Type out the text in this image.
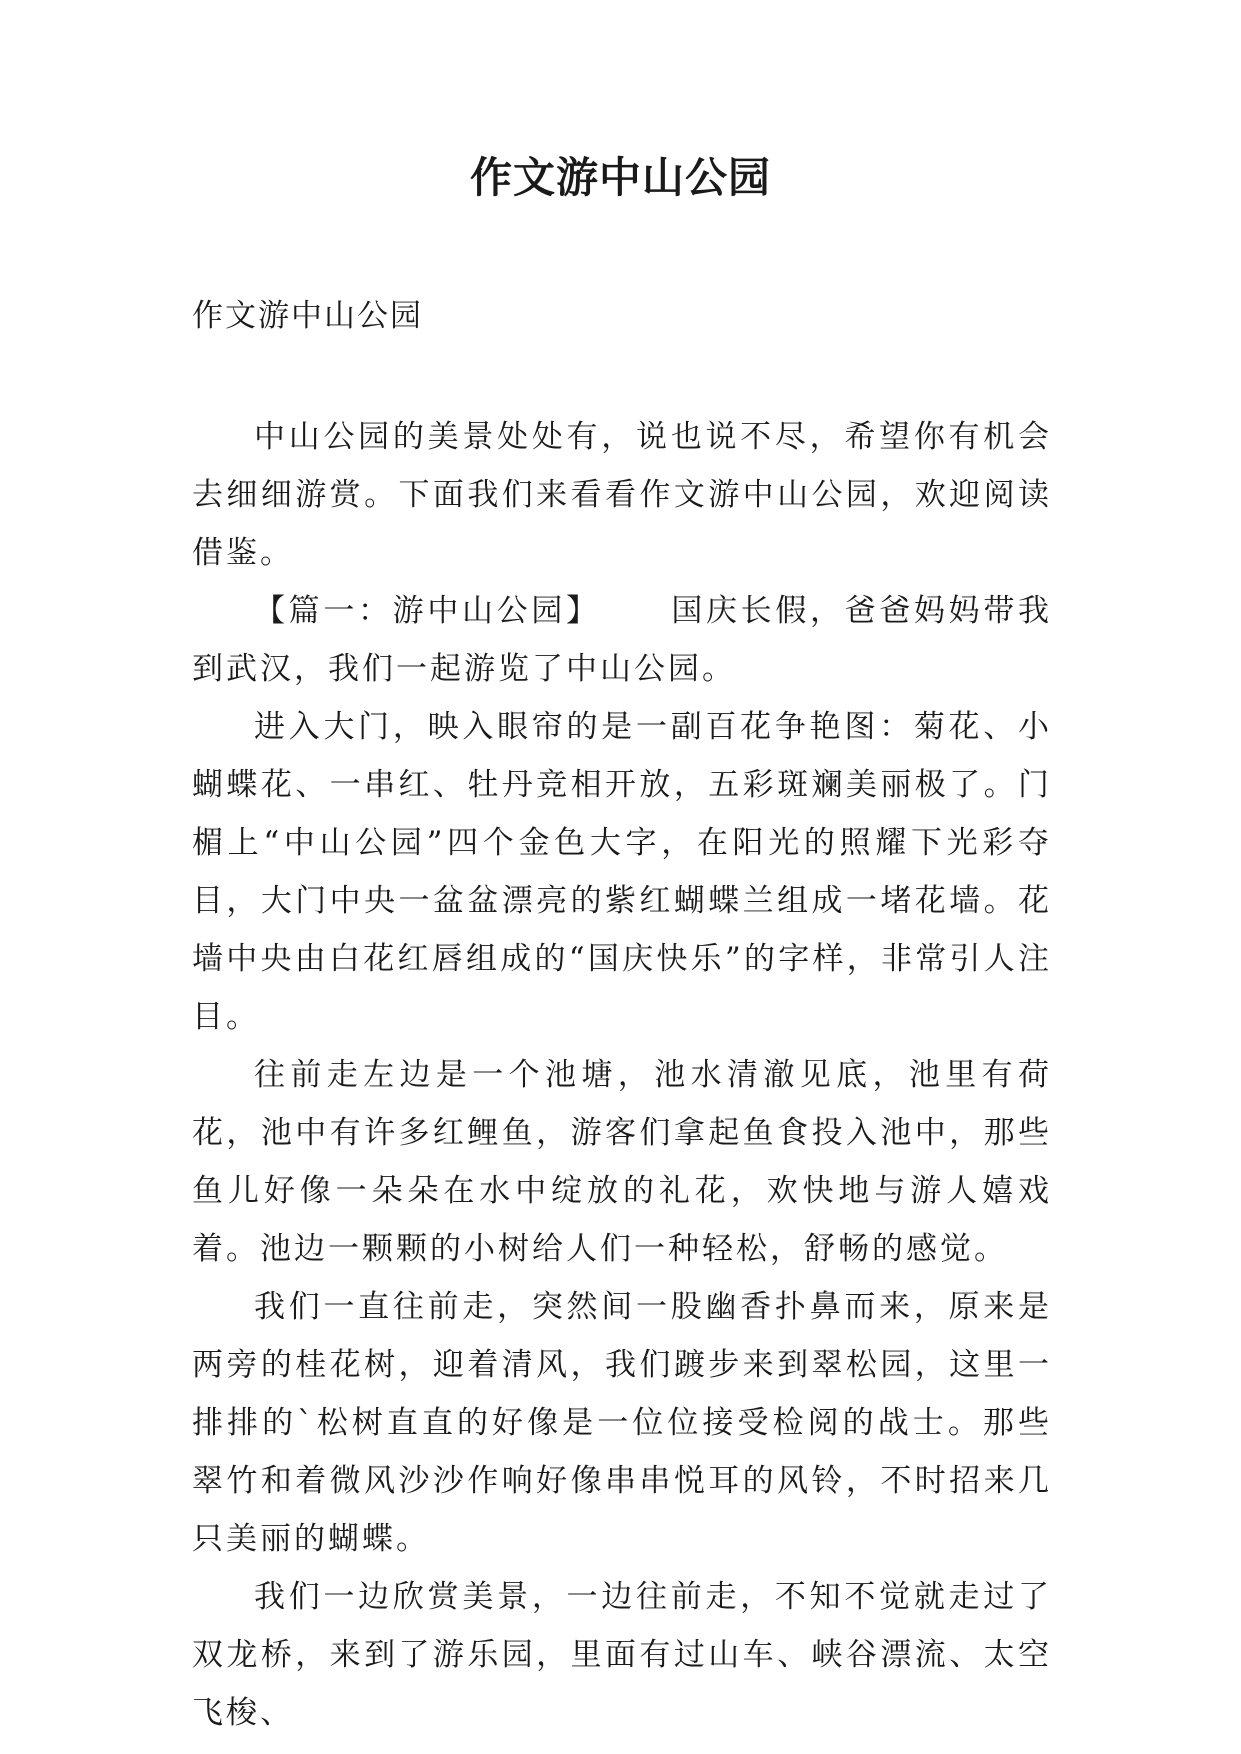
作文游中山公园
作文游中山公园

中山公园的美景处处有，说也说不尽，希望你有机会去细细游赏。下面我们来看看作文游中山公园，欢迎阅读借鉴。

【篇一：游中山公园】 国庆长假，爸爸妈妈带我到武汉，我们一起游览了中山公园。

进入大门，映入眼帘的是一副百花争艳图：菊花、小蝴蝶花、一串红、牡丹竞相开放，五彩斑斓美丽极了。门楣上“中山公园”四个金色大字，在阳光的照耀下光彩夺目，大门中央一盆盆漂亮的紫红蝴蝶兰组成一堵花墙。花墙中央由白花红唇组成的“国庆快乐”的字样，非常引人注目。

往前走左边是一个池塘，池水清澈见底，池里有荷花，池中有许多红鲤鱼，游客们拿起鱼食投入池中，那些鱼儿好像一朵朵在水中绽放的礼花，欢快地与游人嬉戏着。池边一颗颗的小树给人们一种轻松，舒畅的感觉。

我们一直往前走，突然间一股幽香扑鼻而来，原来是两旁的桂花树，迎着清风，我们踱步来到翠松园，这里一排排的`松树直直的好像是一位位接受检阅的战士。那些翠竹和着微风沙沙作响好像串串悦耳的风铃，不时招来几只美丽的蝴蝶。

我们一边欣赏美景，一边往前走，不知不觉就走过了双龙桥，来到了游乐园，里面有过山车、峡谷漂流、太空飞梭、
